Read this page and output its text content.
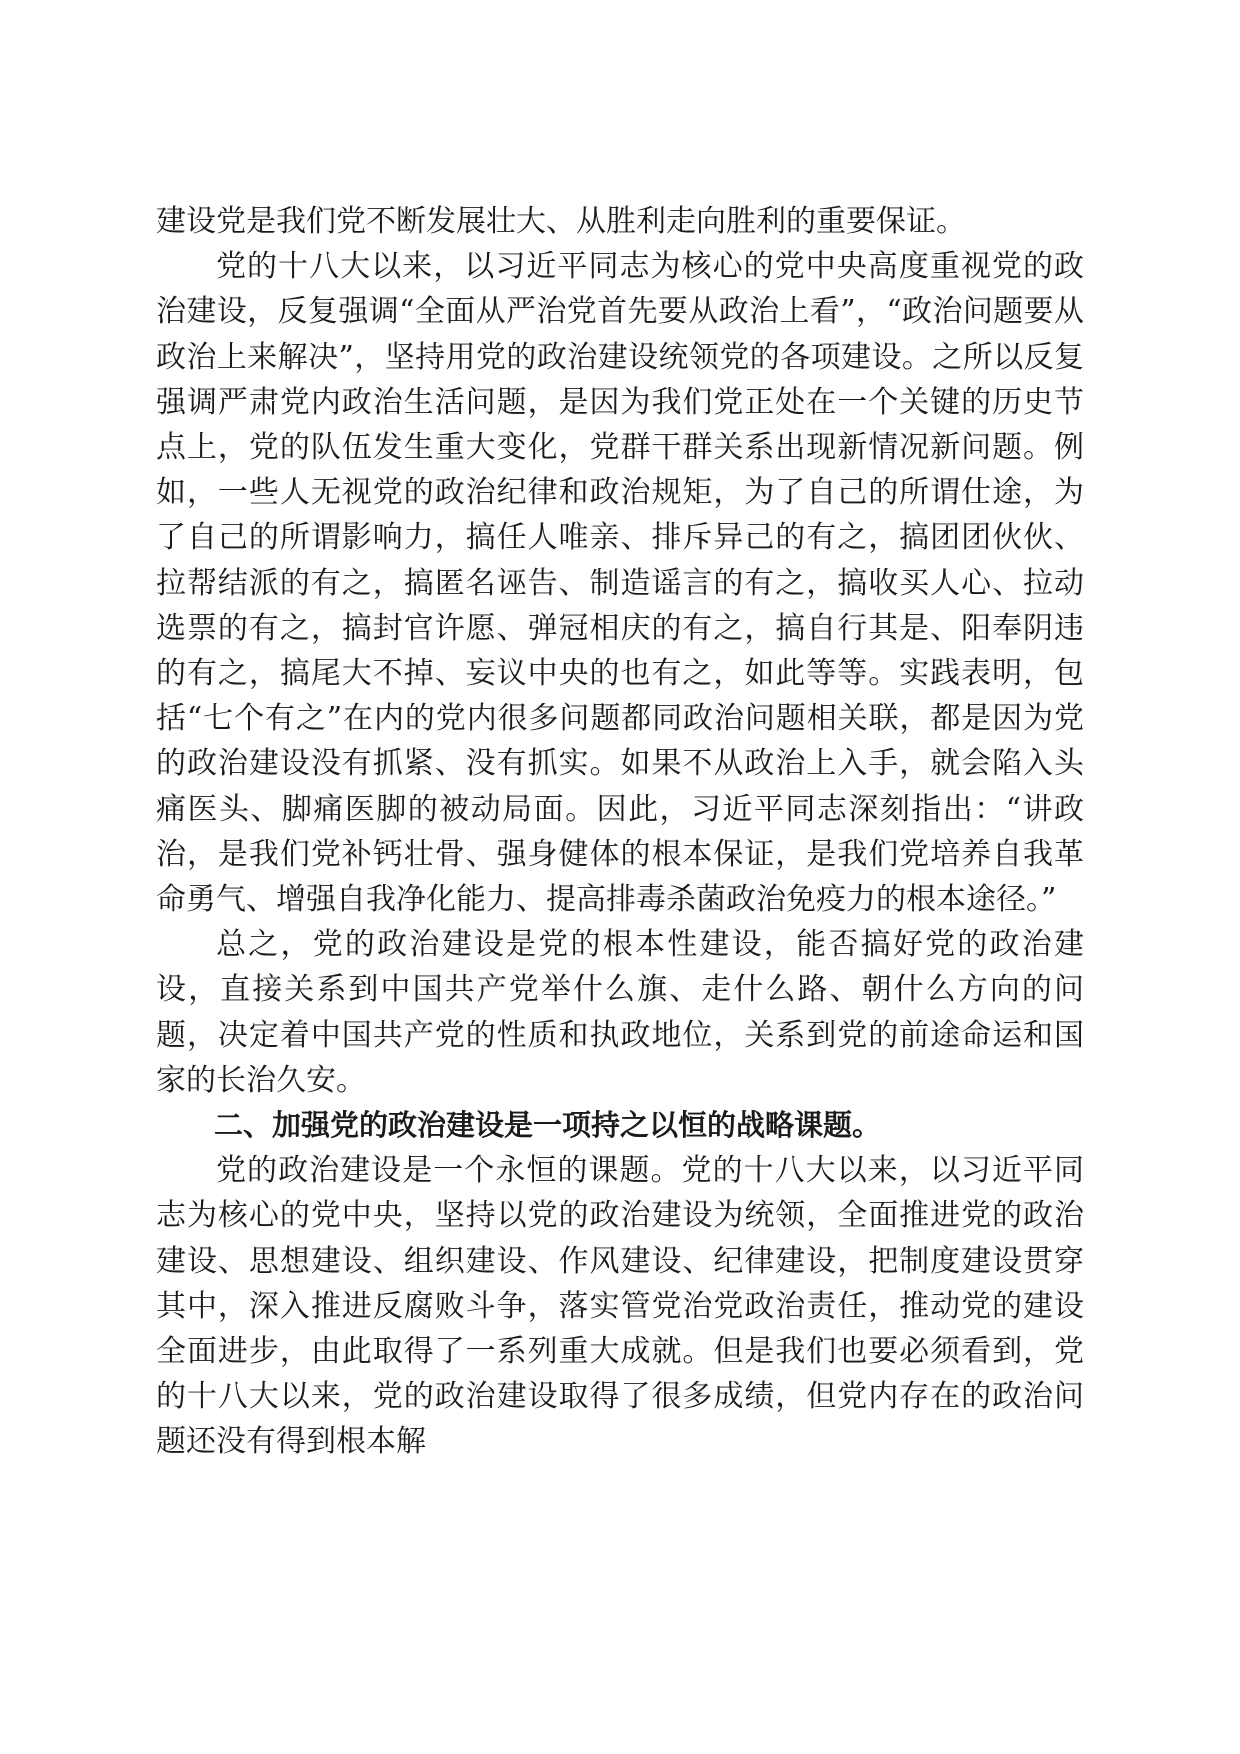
建设党是我们党不断发展壮大、从胜利走向胜利的重要保证。

党的十八大以来，以习近平同志为核心的党中央高度重视党的政治建设，反复强调“全面从严治党首先要从政治上看”，“政治问题要从政治上来解决”，坚持用党的政治建设统领党的各项建设。之所以反复强调严肃党内政治生活问题，是因为我们党正处在一个关键的历史节点上，党的队伍发生重大变化，党群干群关系出现新情况新问题。例如，一些人无视党的政治纪律和政治规矩，为了自己的所谓仕途，为了自己的所谓影响力，搞任人唯亲、排斥异己的有之，搞团团伙伙、拉帮结派的有之，搞匿名诬告、制造谣言的有之，搞收买人心、拉动选票的有之，搞封官许愿、弹冠相庆的有之，搞自行其是、阳奉阴违的有之，搞尾大不掉、妄议中央的也有之，如此等等。实践表明，包括“七个有之”在内的党内很多问题都同政治问题相关联，都是因为党的政治建设没有抓紧、没有抓实。如果不从政治上入手，就会陷入头痛医头、脚痛医脚的被动局面。因此，习近平同志深刻指出：“讲政治，是我们党补钙壮骨、强身健体的根本保证，是我们党培养自我革命勇气、增强自我净化能力、提高排毒杀菌政治免疫力的根本途径。”

总之，党的政治建设是党的根本性建设，能否搞好党的政治建设，直接关系到中国共产党举什么旗、走什么路、朝什么方向的问题，决定着中国共产党的性质和执政地位，关系到党的前途命运和国家的长治久安。

二、加强党的政治建设是一项持之以恒的战略课题。

党的政治建设是一个永恒的课题。党的十八大以来，以习近平同志为核心的党中央，坚持以党的政治建设为统领，全面推进党的政治建设、思想建设、组织建设、作风建设、纪律建设，把制度建设贯穿其中，深入推进反腐败斗争，落实管党治党政治责任，推动党的建设全面进步，由此取得了一系列重大成就。但是我们也要必须看到，党的十八大以来，党的政治建设取得了很多成绩，但党内存在的政治问题还没有得到根本解
